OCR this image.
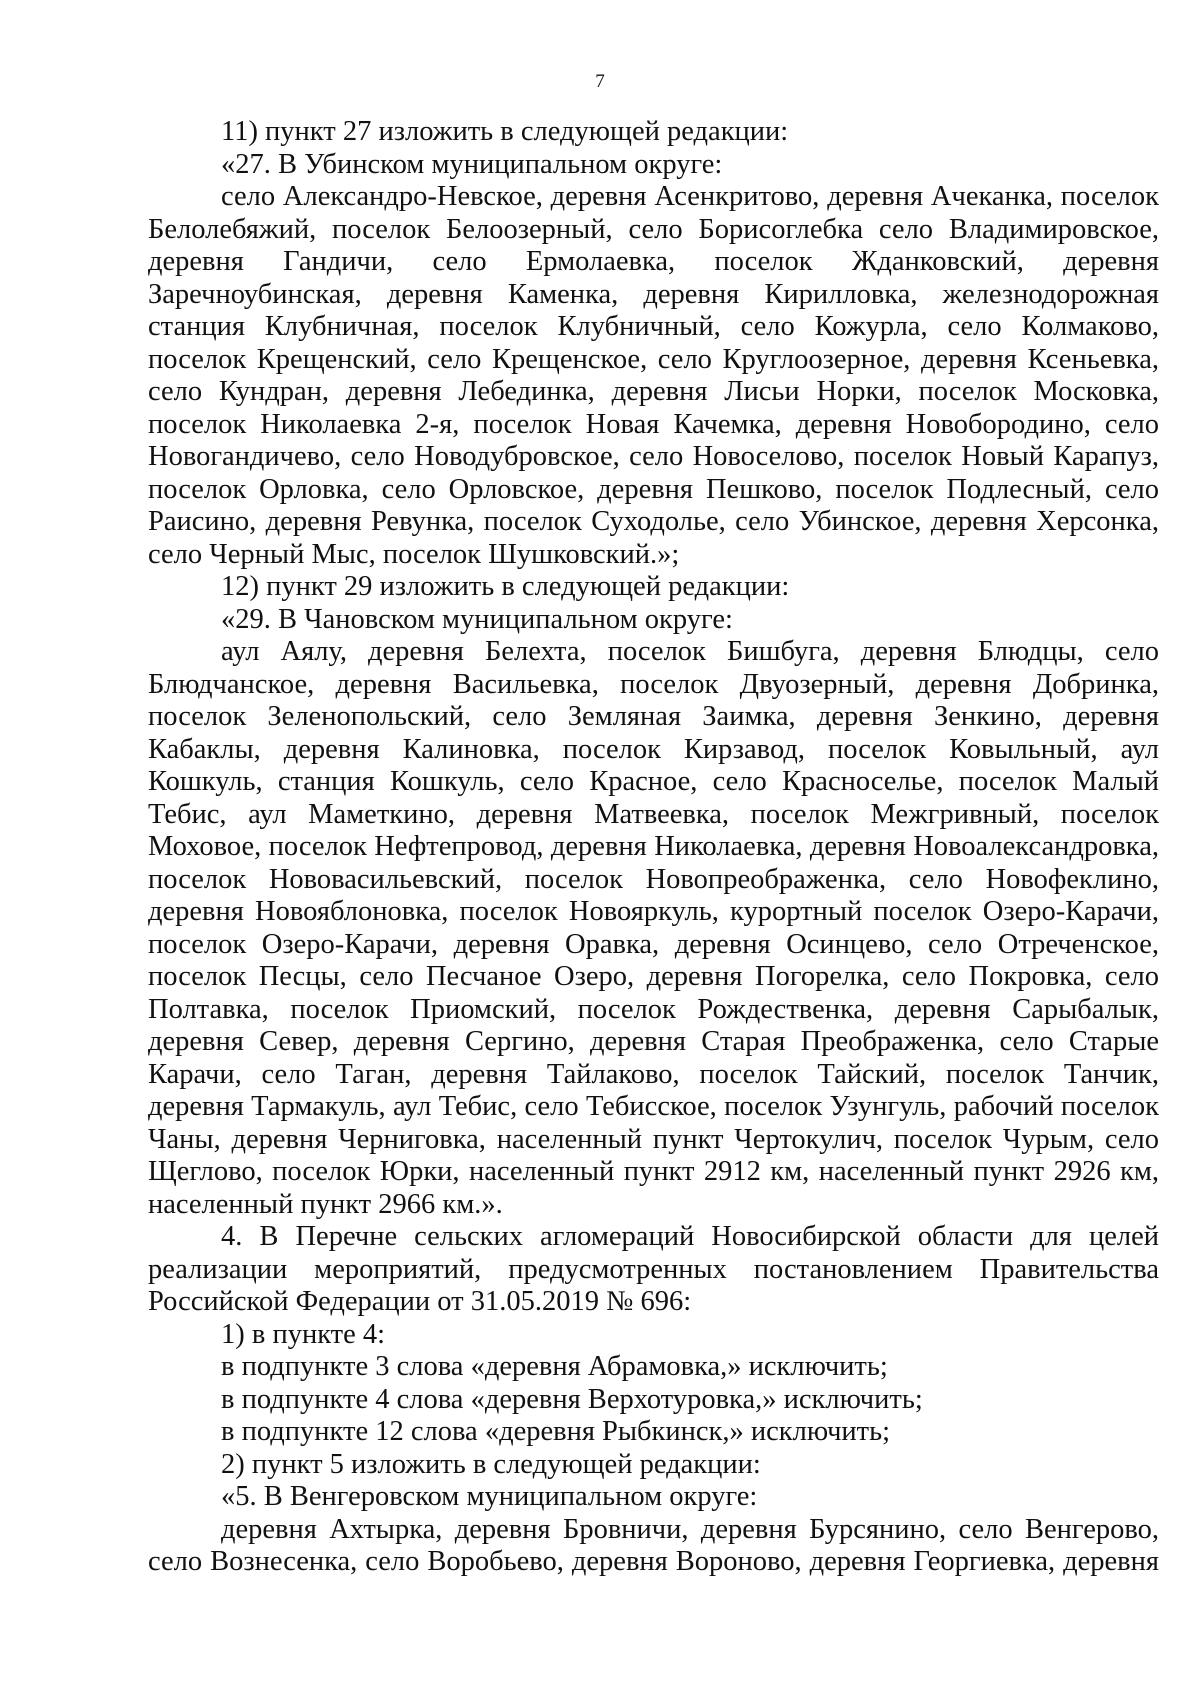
7

11) пункт 27 изложить в следующей редакции:

«27. В Убинском муниципальном округе:

село Александро-Невское, деревня Асенкритово, деревня Ачеканка, поселок Белолебяжий, поселок Белоозерный, село Борисоглебка село Владимировское, деревня Гандичи, село Ермолаевка, поселок Жданковский, деревня Заречноубинская, деревня Каменка, деревня Кирилловка, железнодорожная станция Клубничная, поселок Клубничный, село Кожурла, село Колмаково, поселок Крещенский, село Крещенское, село Круглоозерное, деревня Ксеньевка, село Кундран, деревня Лебединка, деревня Лисьи Норки, поселок Московка, поселок Николаевка 2-я, поселок Новая Качемка, деревня Новобородино, село Новогандичево, село Новодубровское, село Новоселово, поселок Новый Карапуз, поселок Орловка, село Орловское, деревня Пешково, поселок Подлесный, село Раисино, деревня Ревунка, поселок Суходолье, село Убинское, деревня Херсонка, село Черный Мыс, поселок Шушковский.»;

12) пункт 29 изложить в следующей редакции:

«29. В Чановском муниципальном округе:

аул Аялу, деревня Белехта, поселок Бишбуга, деревня Блюдцы, село Блюдчанское, деревня Васильевка, поселок Двуозерный, деревня Добринка, поселок Зеленопольский, село Земляная Заимка, деревня Зенкино, деревня Кабаклы, деревня Калиновка, поселок Кирзавод, поселок Ковыльный, аул Кошкуль, станция Кошкуль, село Красное, село Красноселье, поселок Малый Тебис, аул Маметкино, деревня Матвеевка, поселок Межгривный, поселок Моховое, поселок Нефтепровод, деревня Николаевка, деревня Новоалександровка, поселок Нововасильевский, поселок Новопреображенка, село Новофеклино, деревня Новояблоновка, поселок Новояркуль, курортный поселок Озеро-Карачи, поселок Озеро-Карачи, деревня Оравка, деревня Осинцево, село Отреченское, поселок Песцы, село Песчаное Озеро, деревня Погорелка, село Покровка, село Полтавка, поселок Приомский, поселок Рождественка, деревня Сарыбалык, деревня Север, деревня Сергино, деревня Старая Преображенка, село Старые Карачи, село Таган, деревня Тайлаково, поселок Тайский, поселок Танчик, деревня Тармакуль, аул Тебис, село Тебисское, поселок Узунгуль, рабочий поселок Чаны, деревня Черниговка, населенный пункт Чертокулич, поселок Чурым, село Щеглово, поселок Юрки, населенный пункт 2912 км, населенный пункт 2926 км, населенный пункт 2966 км.».

4. В Перечне сельских агломераций Новосибирской области для целей реализации мероприятий, предусмотренных постановлением Правительства Российской Федерации от 31.05.2019 № 696:

1) в пункте 4:

в подпункте 3 слова «деревня Абрамовка,» исключить;

в подпункте 4 слова «деревня Верхотуровка,» исключить;

в подпункте 12 слова «деревня Рыбкинск,» исключить;

2) пункт 5 изложить в следующей редакции:

«5. В Венгеровском муниципальном округе:

деревня Ахтырка, деревня Бровничи, деревня Бурсянино, село Венгерово, село Вознесенка, село Воробьево, деревня Вороново, деревня Георгиевка, деревня
